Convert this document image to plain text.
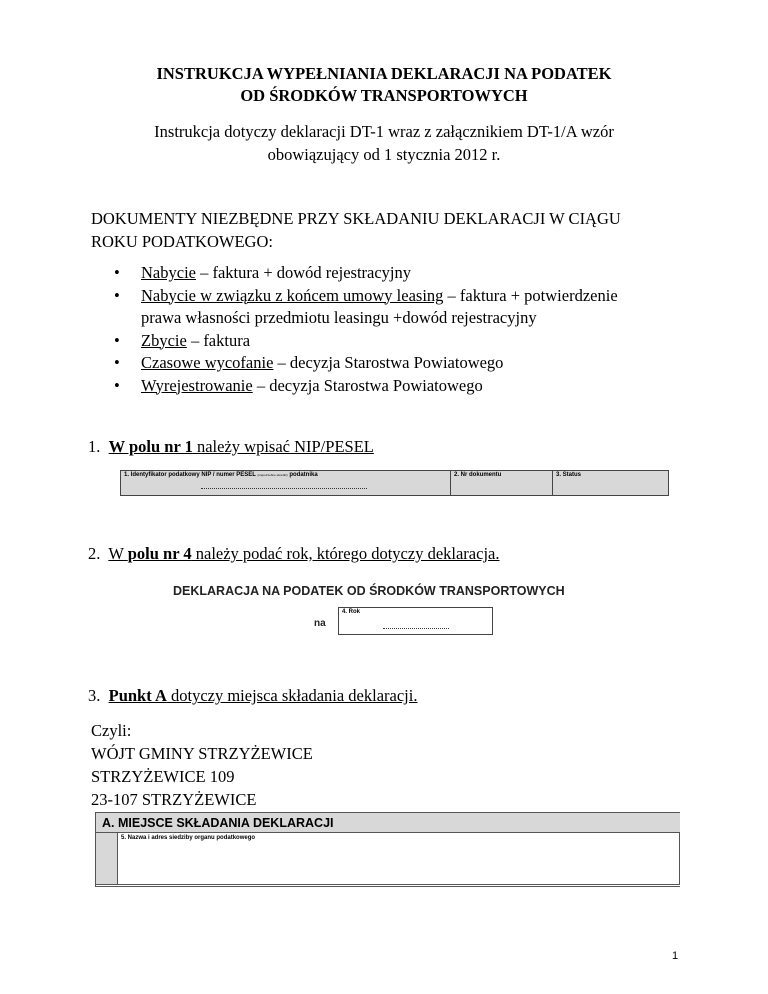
INSTRUKCJA WYPEŁNIANIA DEKLARACJI NA PODATEK
OD ŚRODKÓW TRANSPORTOWYCH
Instrukcja dotyczy deklaracji DT-1 wraz z załącznikiem DT-1/A wzór
obowiązujący od 1 stycznia 2012 r.
DOKUMENTY NIEZBĘDNE PRZY SKŁADANIU DEKLARACJI W CIĄGU
ROKU PODATKOWEGO:
• Nabycie – faktura + dowód rejestracyjny
• Nabycie w związku z końcem umowy leasing – faktura + potwierdzenie
prawa własności przedmiotu leasingu +dowód rejestracyjny
• Zbycie – faktura
• Czasowe wycofanie – decyzja Starostwa Powiatowego
• Wyrejestrowanie – decyzja Starostwa Powiatowego
1. W polu nr 1 należy wpisać NIP/PESEL
1. Identyfikator podatkowy NIP / numer PESEL (niepotrzebne skreślić) podatnika	2. Nr dokumentu	3. Status
2. W polu nr 4 należy podać rok, którego dotyczy deklaracja.
DEKLARACJA NA PODATEK OD ŚRODKÓW TRANSPORTOWYCH
na
4. Rok
3. Punkt A dotyczy miejsca składania deklaracji.
Czyli:
WÓJT GMINY STRZYŻEWICE
STRZYŻEWICE 109
23-107 STRZYŻEWICE
A. MIEJSCE SKŁADANIA DEKLARACJI
5. Nazwa i adres siedziby organu podatkowego
1
